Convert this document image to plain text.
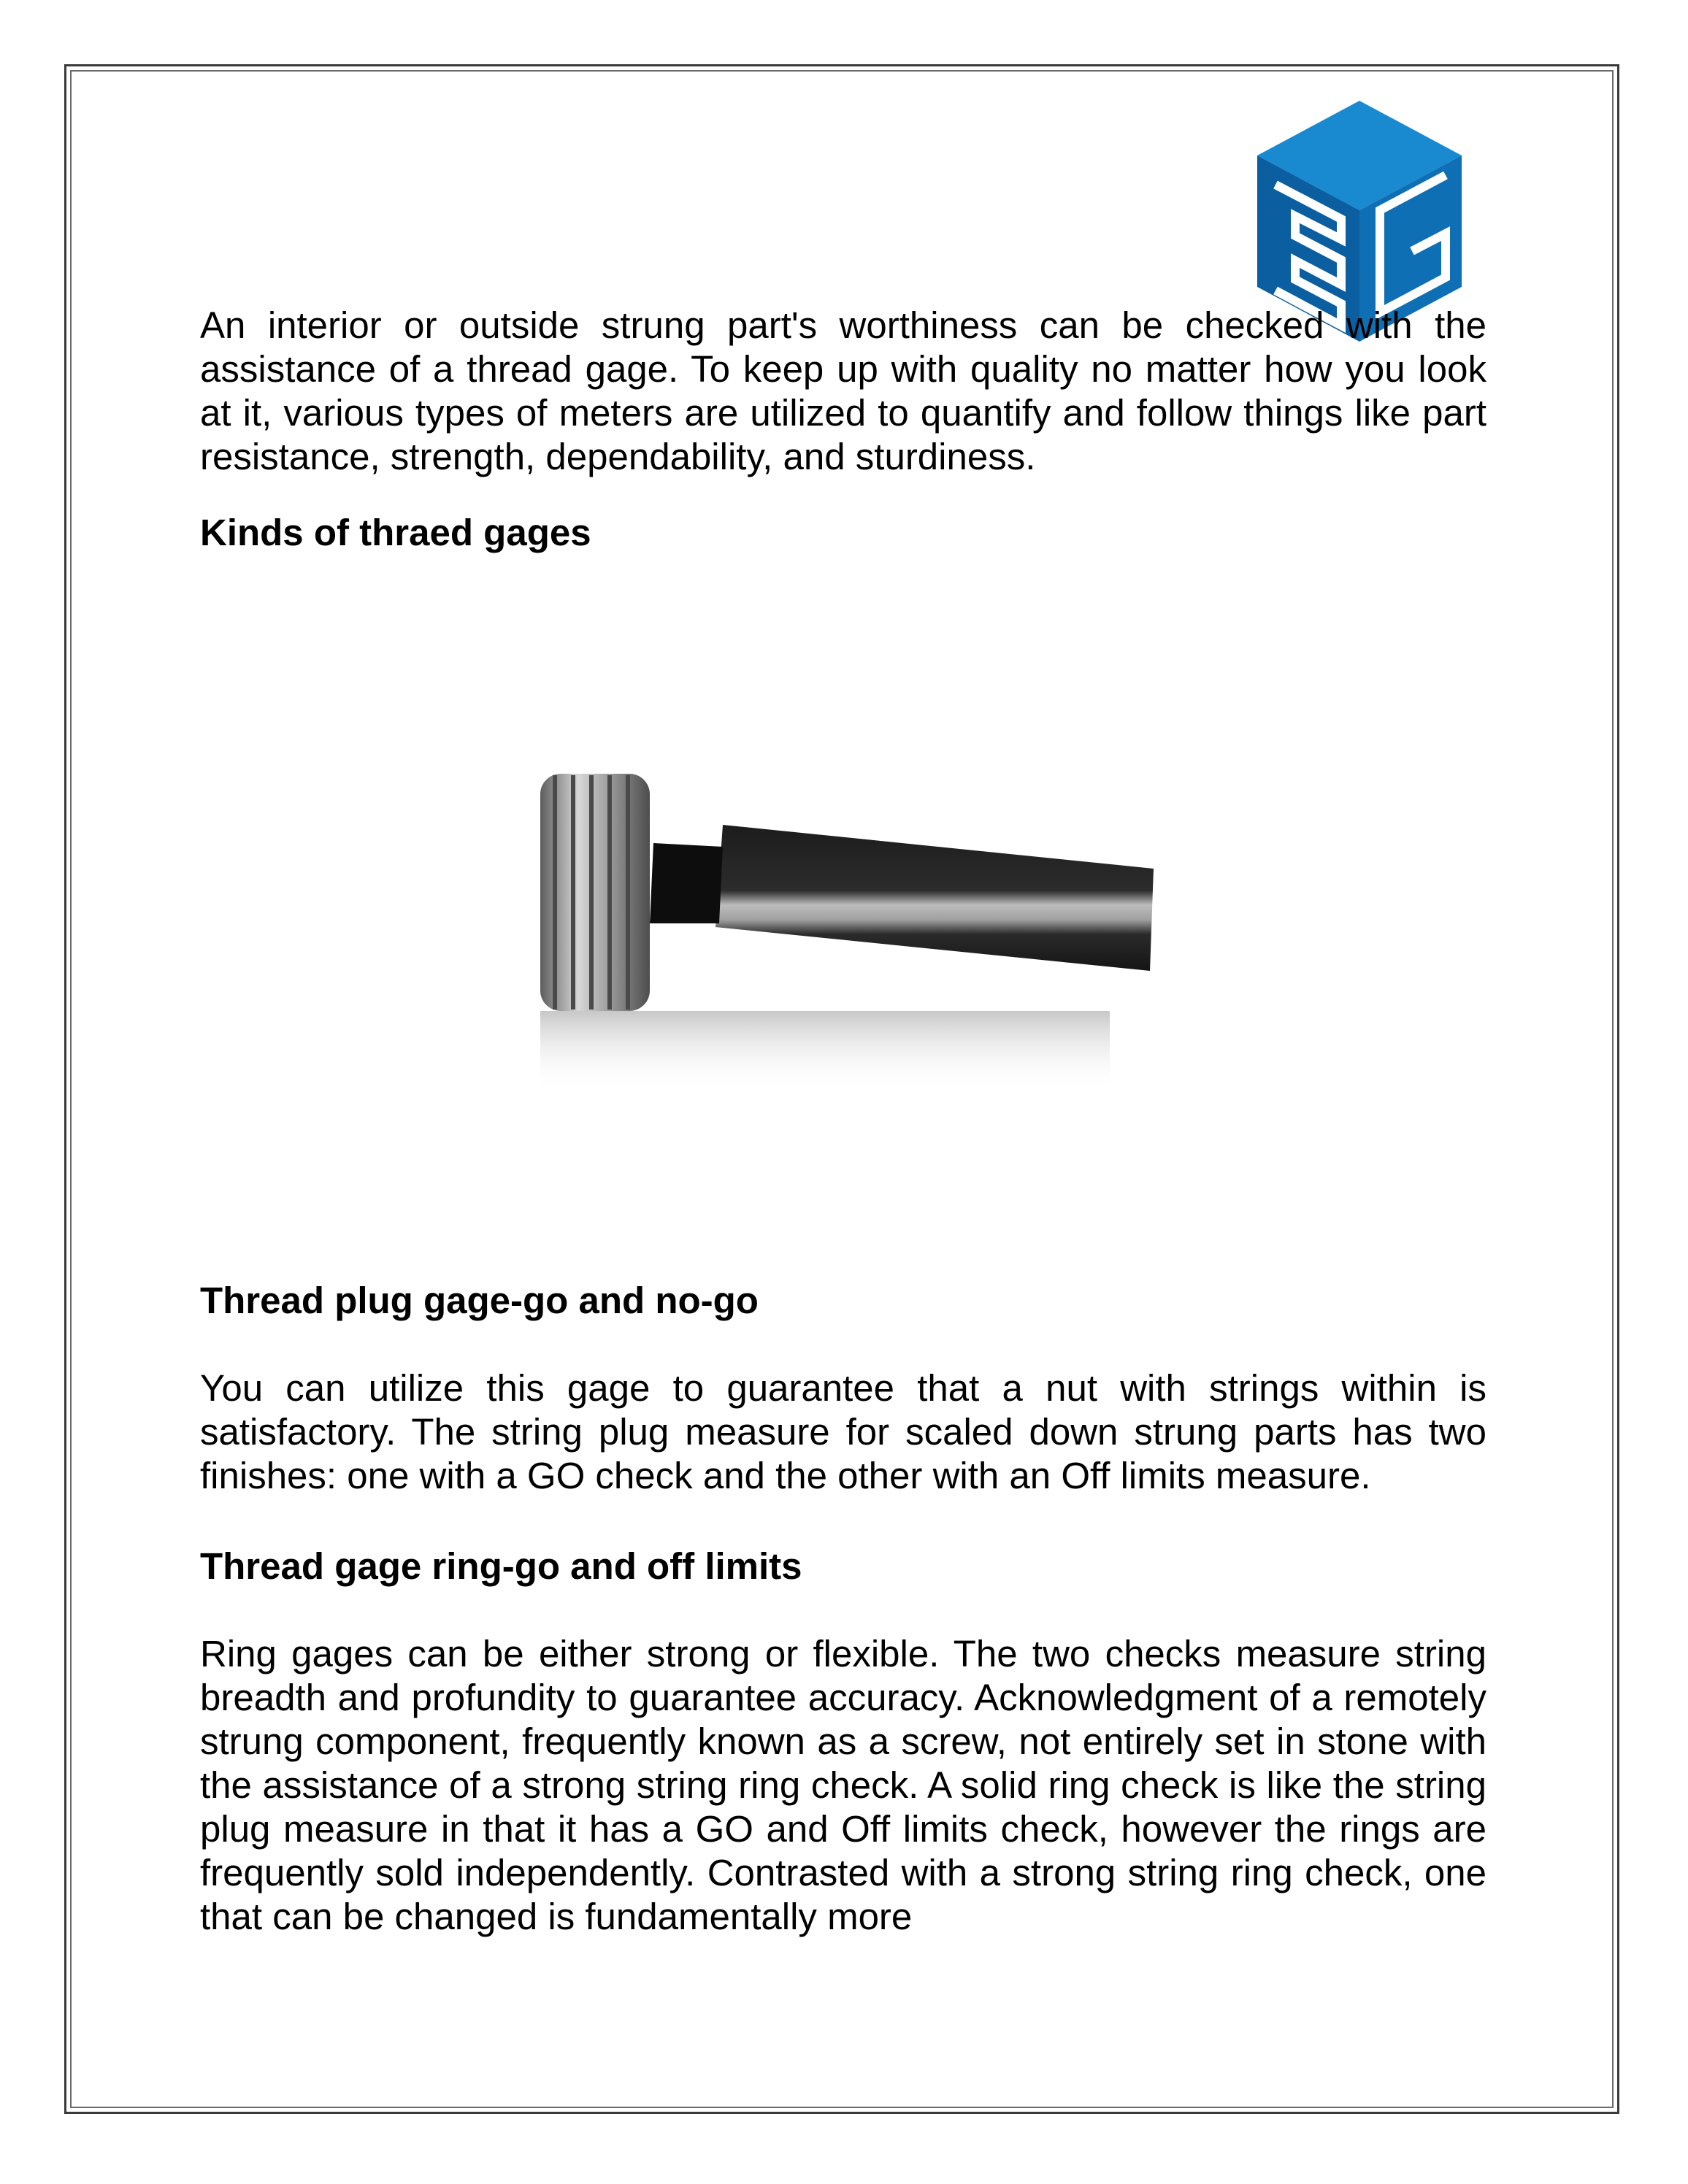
An interior or outside strung part's worthiness can be checked with the assistance of a thread gage. To keep up with quality no matter how you look at it, various types of meters are utilized to quantify and follow things like part resistance, strength, dependability, and sturdiness.

Kinds of thraed gages
Thread plug gage-go and no-go
You can utilize this gage to guarantee that a nut with strings within is satisfactory. The string plug measure for scaled down strung parts has two finishes: one with a GO check and the other with an Off limits measure.
Thread gage ring-go and off limits
Ring gages can be either strong or flexible. The two checks measure string breadth and profundity to guarantee accuracy. Acknowledgment of a remotely strung component, frequently known as a screw, not entirely set in stone with the assistance of a strong string ring check. A solid ring check is like the string plug measure in that it has a GO and Off limits check, however the rings are frequently sold independently. Contrasted with a strong string ring check, one that can be changed is fundamentally more
